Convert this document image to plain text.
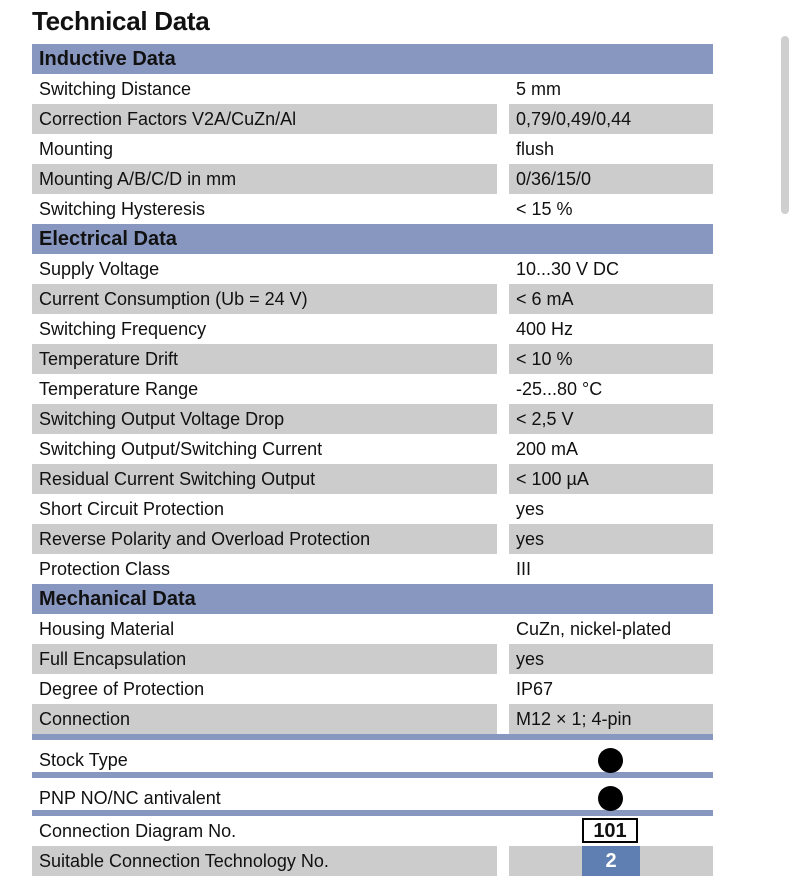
Technical Data
Inductive Data
Switching Distance	5 mm
Correction Factors V2A/CuZn/Al	0,79/0,49/0,44
Mounting	flush
Mounting A/B/C/D in mm	0/36/15/0
Switching Hysteresis	< 15 %
Electrical Data
Supply Voltage	10...30 V DC
Current Consumption (Ub = 24 V)	< 6 mA
Switching Frequency	400 Hz
Temperature Drift	< 10 %
Temperature Range	-25...80 °C
Switching Output Voltage Drop	< 2,5 V
Switching Output/Switching Current	200 mA
Residual Current Switching Output	< 100 µA
Short Circuit Protection	yes
Reverse Polarity and Overload Protection	yes
Protection Class	III
Mechanical Data
Housing Material	CuZn, nickel-plated
Full Encapsulation	yes
Degree of Protection	IP67
Connection	M12 × 1; 4-pin
Stock Type
PNP NO/NC antivalent
Connection Diagram No.	101
Suitable Connection Technology No.	2
